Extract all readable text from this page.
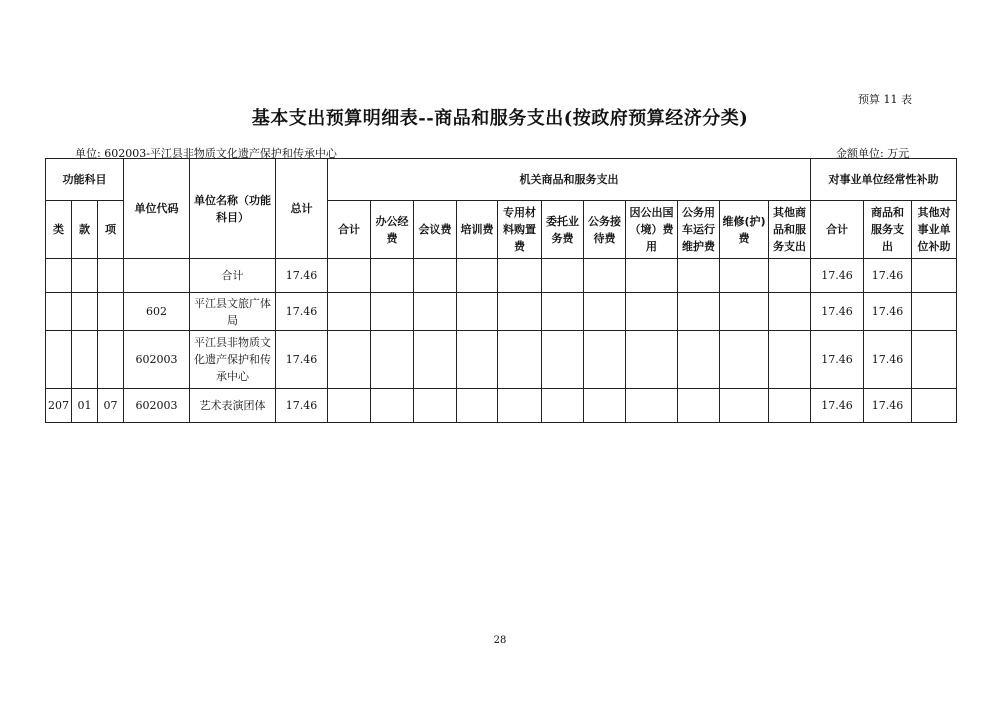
预算 11 表
基本支出预算明细表--商品和服务支出(按政府预算经济分类)
单位: 602003-平江县非物质文化遗产保护和传承中心	金额单位: 万元
功能科目			单位代码	单位名称（功能科目）	总计	机关商品和服务支出											对事业单位经常性补助		
类	款	项				合计	办公经费	会议费	培训费	专用材料购置费	委托业务费	公务接待费	因公出国（境）费用	公务用车运行维护费	维修(护)费	其他商品和服务支出	合计	商品和服务支出	其他对事业单位补助
				合计	17.46												17.46	17.46	
			602	平江县文旅广体局	17.46												17.46	17.46	
			602003	平江县非物质文化遗产保护和传承中心	17.46												17.46	17.46	
207	01	07	602003	艺术表演团体	17.46												17.46	17.46	
28
